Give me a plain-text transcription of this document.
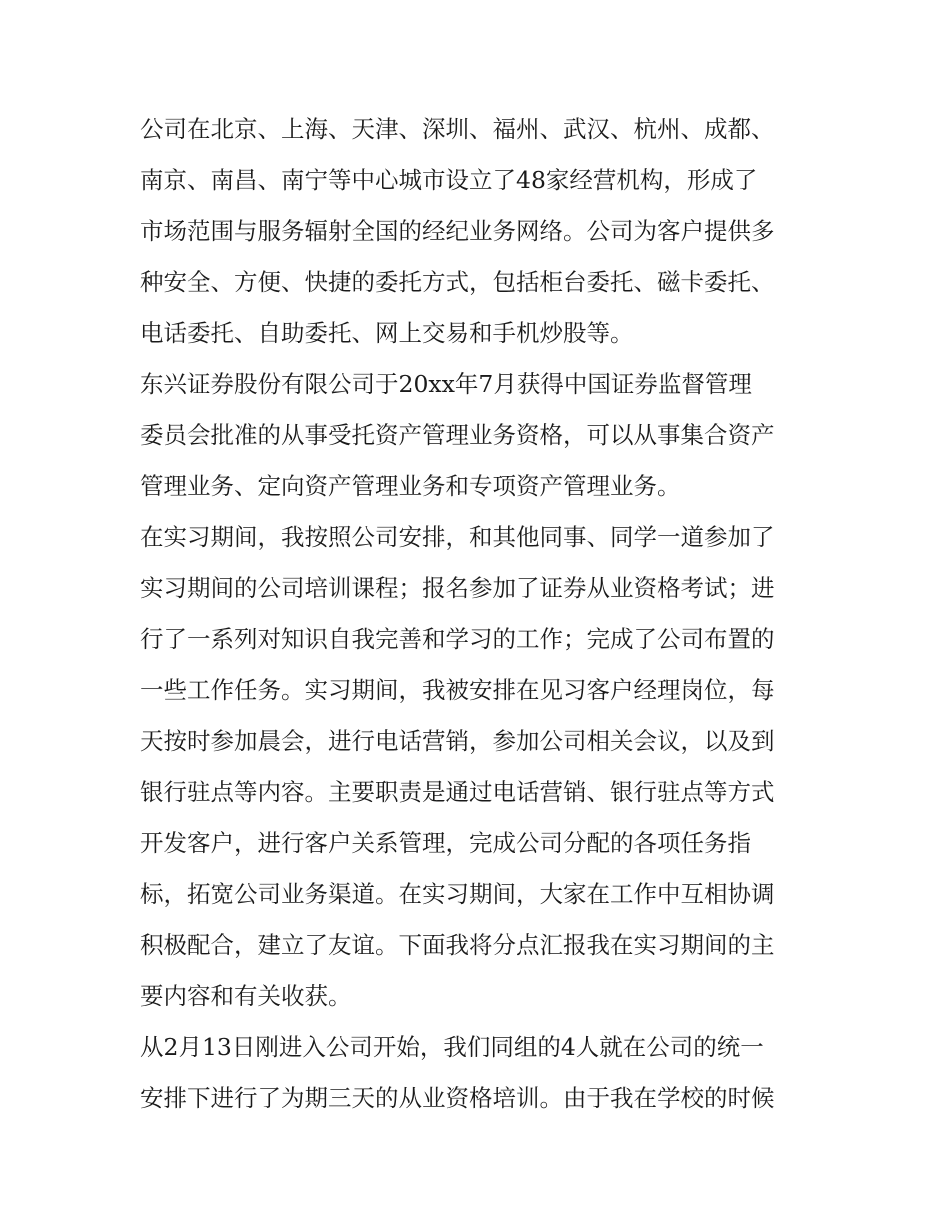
公司在北京、上海、天津、深圳、福州、武汉、杭州、成都、
南京、南昌、南宁等中心城市设立了48家经营机构，形成了
市场范围与服务辐射全国的经纪业务网络。公司为客户提供多
种安全、方便、快捷的委托方式，包括柜台委托、磁卡委托、
电话委托、自助委托、网上交易和手机炒股等。
东兴证券股份有限公司于20xx年7月获得中国证券监督管理
委员会批准的从事受托资产管理业务资格，可以从事集合资产
管理业务、定向资产管理业务和专项资产管理业务。
在实习期间，我按照公司安排，和其他同事、同学一道参加了
实习期间的公司培训课程；报名参加了证券从业资格考试；进
行了一系列对知识自我完善和学习的工作；完成了公司布置的
一些工作任务。实习期间，我被安排在见习客户经理岗位，每
天按时参加晨会，进行电话营销，参加公司相关会议，以及到
银行驻点等内容。主要职责是通过电话营销、银行驻点等方式
开发客户，进行客户关系管理，完成公司分配的各项任务指
标，拓宽公司业务渠道。在实习期间，大家在工作中互相协调
积极配合，建立了友谊。下面我将分点汇报我在实习期间的主
要内容和有关收获。
从2月13日刚进入公司开始，我们同组的4人就在公司的统一
安排下进行了为期三天的从业资格培训。由于我在学校的时候
